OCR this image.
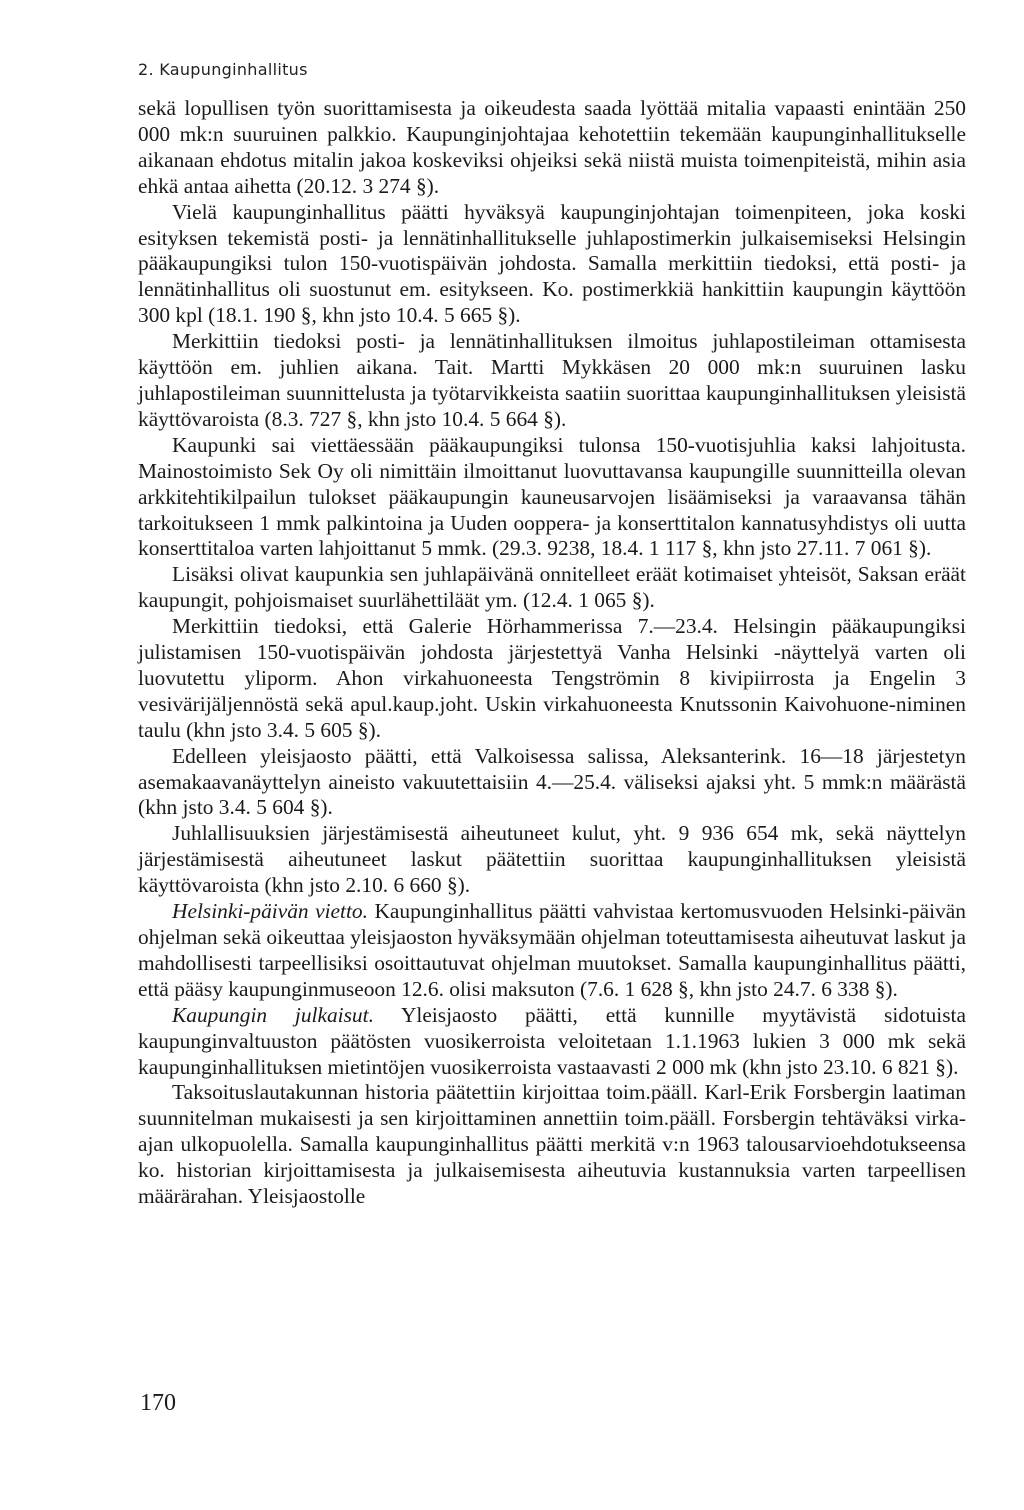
2. Kaupunginhallitus

sekä lopullisen työn suorittamisesta ja oikeudesta saada lyöttää mitalia vapaasti enintään 250 000 mk:n suuruinen palkkio. Kaupunginjohtajaa kehotettiin tekemään kaupunginhallitukselle aikanaan ehdotus mitalin jakoa koskeviksi ohjeiksi sekä niistä muista toimenpiteistä, mihin asia ehkä antaa aihetta (20.12. 3 274 §).

Vielä kaupunginhallitus päätti hyväksyä kaupunginjohtajan toimenpiteen, joka koski esityksen tekemistä posti- ja lennätinhallitukselle juhlapostimerkin julkaisemiseksi Helsingin pääkaupungiksi tulon 150-vuotispäivän johdosta. Samalla merkittiin tiedoksi, että posti- ja lennätinhallitus oli suostunut em. esitykseen. Ko. postimerkkiä hankittiin kaupungin käyttöön 300 kpl (18.1. 190 §, khn jsto 10.4. 5 665 §).

Merkittiin tiedoksi posti- ja lennätinhallituksen ilmoitus juhlapostileiman ottamisesta käyttöön em. juhlien aikana. Tait. Martti Mykkäsen 20 000 mk:n suuruinen lasku juhlapostileiman suunnittelusta ja työtarvikkeista saatiin suorittaa kaupunginhallituksen yleisistä käyttövaroista (8.3. 727 §, khn jsto 10.4. 5 664 §).

Kaupunki sai viettäessään pääkaupungiksi tulonsa 150-vuotisjuhlia kaksi lahjoitusta. Mainostoimisto Sek Oy oli nimittäin ilmoittanut luovuttavansa kaupungille suunnitteilla olevan arkkitehtikilpailun tulokset pääkaupungin kauneusarvojen lisäämiseksi ja varaavansa tähän tarkoitukseen 1 mmk palkintoina ja Uuden ooppera- ja konserttitalon kannatusyhdistys oli uutta konserttitaloa varten lahjoittanut 5 mmk. (29.3. 9238, 18.4. 1 117 §, khn jsto 27.11. 7 061 §).

Lisäksi olivat kaupunkia sen juhlapäivänä onnitelleet eräät kotimaiset yhteisöt, Saksan eräät kaupungit, pohjoismaiset suurlähettiläät ym. (12.4. 1 065 §).

Merkittiin tiedoksi, että Galerie Hörhammerissa 7.—23.4. Helsingin pääkaupungiksi julistamisen 150-vuotispäivän johdosta järjestettyä Vanha Helsinki -näyttelyä varten oli luovutettu yliporm. Ahon virkahuoneesta Tengströmin 8 kivipiirrosta ja Engelin 3 vesivärijäljennöstä sekä apul.kaup.joht. Uskin virkahuoneesta Knutssonin Kaivohuone-niminen taulu (khn jsto 3.4. 5 605 §).

Edelleen yleisjaosto päätti, että Valkoisessa salissa, Aleksanterink. 16—18 järjestetyn asemakaavanäyttelyn aineisto vakuutettaisiin 4.—25.4. väliseksi ajaksi yht. 5 mmk:n määrästä (khn jsto 3.4. 5 604 §).

Juhlallisuuksien järjestämisestä aiheutuneet kulut, yht. 9 936 654 mk, sekä näyttelyn järjestämisestä aiheutuneet laskut päätettiin suorittaa kaupunginhallituksen yleisistä käyttövaroista (khn jsto 2.10. 6 660 §).

Helsinki-päivän vietto. Kaupunginhallitus päätti vahvistaa kertomusvuoden Helsinki-päivän ohjelman sekä oikeuttaa yleisjaoston hyväksymään ohjelman toteuttamisesta aiheutuvat laskut ja mahdollisesti tarpeellisiksi osoittautuvat ohjelman muutokset. Samalla kaupunginhallitus päätti, että pääsy kaupunginmuseoon 12.6. olisi maksuton (7.6. 1 628 §, khn jsto 24.7. 6 338 §).

Kaupungin julkaisut. Yleisjaosto päätti, että kunnille myytävistä sidotuista kaupunginvaltuuston päätösten vuosikerroista veloitetaan 1.1.1963 lukien 3 000 mk sekä kaupunginhallituksen mietintöjen vuosikerroista vastaavasti 2 000 mk (khn jsto 23.10. 6 821 §).

Taksoituslautakunnan historia päätettiin kirjoittaa toim.pääll. Karl-Erik Forsbergin laatiman suunnitelman mukaisesti ja sen kirjoittaminen annettiin toim.pääll. Forsbergin tehtäväksi virka-ajan ulkopuolella. Samalla kaupunginhallitus päätti merkitä v:n 1963 talousarvioehdotukseensa ko. historian kirjoittamisesta ja julkaisemisesta aiheutuvia kustannuksia varten tarpeellisen määrärahan. Yleisjaostolle

170
